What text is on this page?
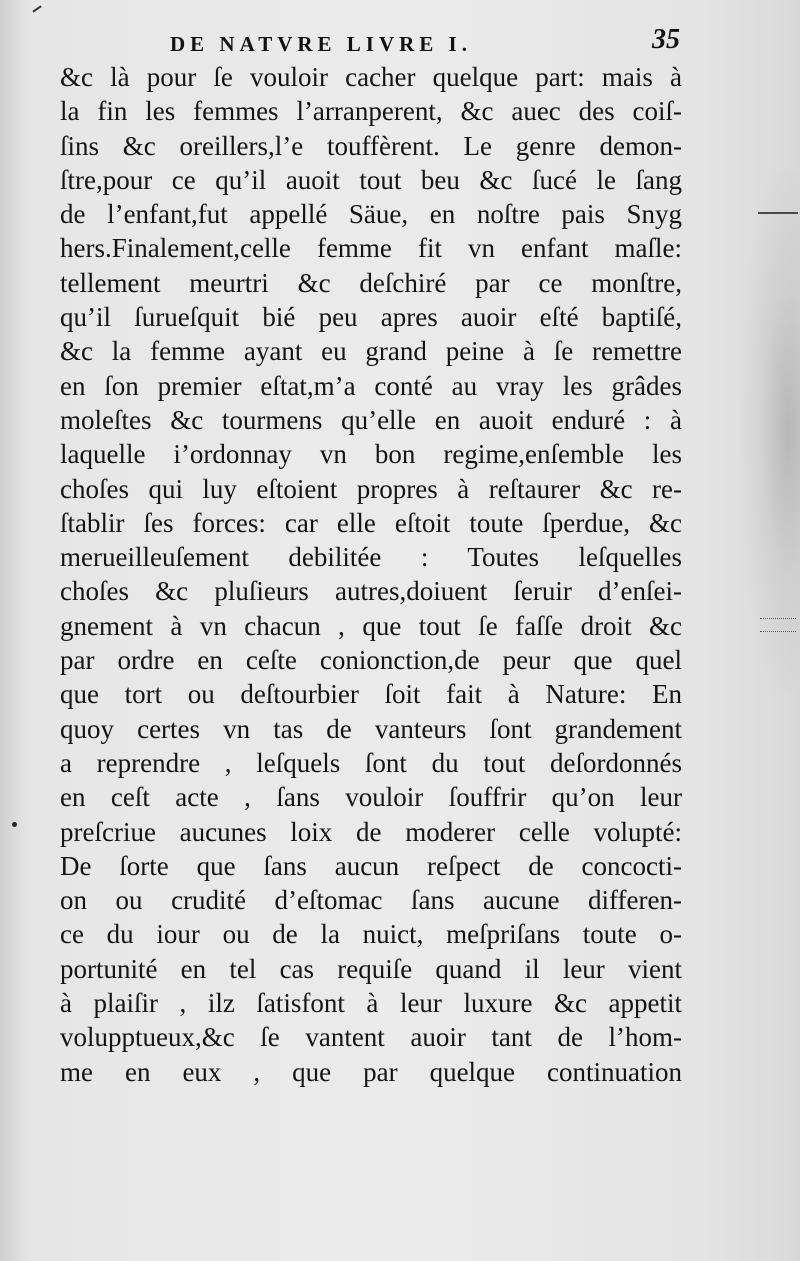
DE NATVRE LIVRE I.	35
&c là pour ſe vouloir cacher quelque part: mais à
la fin les femmes l’arranperent, &c auec des coiſ-
ſins &c oreillers,l’e touffèrent. Le genre demon-
ſtre,pour ce qu’il auoit tout beu &c ſucé le ſang
de l’enfant,fut appellé Säue, en noſtre pais Snyg
hers.Finalement,celle femme fit vn enfant maſle:
tellement meurtri &c deſchiré par ce monſtre,
qu’il ſurueſquit bié peu apres auoir eſté baptiſé,
&c la femme ayant eu grand peine à ſe remettre
en ſon premier eſtat,m’a conté au vray les grâdes
moleſtes &c tourmens qu’elle en auoit enduré : à
laquelle i’ordonnay vn bon regime,enſemble les
choſes qui luy eſtoient propres à reſtaurer &c re-
ſtablir ſes forces: car elle eſtoit toute ſperdue, &c
merueilleuſement debilitée : Toutes leſquelles
choſes &c pluſieurs autres,doiuent ſeruir d’enſei-
gnement à vn chacun , que tout ſe faſſe droit &c
par ordre en ceſte conionction,de peur que quel
que tort ou deſtourbier ſoit fait à Nature: En
quoy certes vn tas de vanteurs ſont grandement
a reprendre , leſquels ſont du tout deſordonnés
en ceſt acte , ſans vouloir ſouffrir qu’on leur
preſcriue aucunes loix de moderer celle volupté:
De ſorte que ſans aucun reſpect de concocti-
on ou crudité d’eſtomac ſans aucune differen-
ce du iour ou de la nuict, meſpriſans toute o-
portunité en tel cas requiſe quand il leur vient
à plaiſir , ilz ſatisfont à leur luxure &c appetit
volupptueux,&c ſe vantent auoir tant de l’hom-
me en eux , que par quelque continuation
